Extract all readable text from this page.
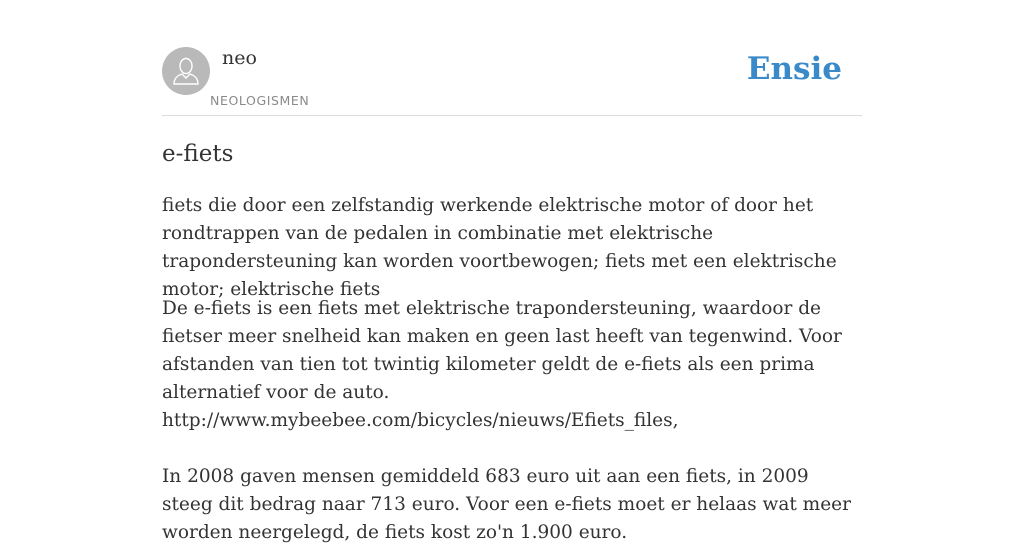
neo
NEOLOGISMEN
Ensie
e-fiets

fiets die door een zelfstandig werkende elektrische motor of door het rondtrappen van de pedalen in combinatie met elektrische trapondersteuning kan worden voortbewogen; fiets met een elektrische motor; elektrische fiets

De e-fiets is een fiets met elektrische trapondersteuning, waardoor de fietser meer snelheid kan maken en geen last heeft van tegenwind. Voor afstanden van tien tot twintig kilometer geldt de e-fiets als een prima alternatief voor de auto.
http://www.mybeebee.com/bicycles/nieuws/Efiets_files,

In 2008 gaven mensen gemiddeld 683 euro uit aan een fiets, in 2009 steeg dit bedrag naar 713 euro. Voor een e-fiets moet er helaas wat meer worden neergelegd, de fiets kost zo'n 1.900 euro.
